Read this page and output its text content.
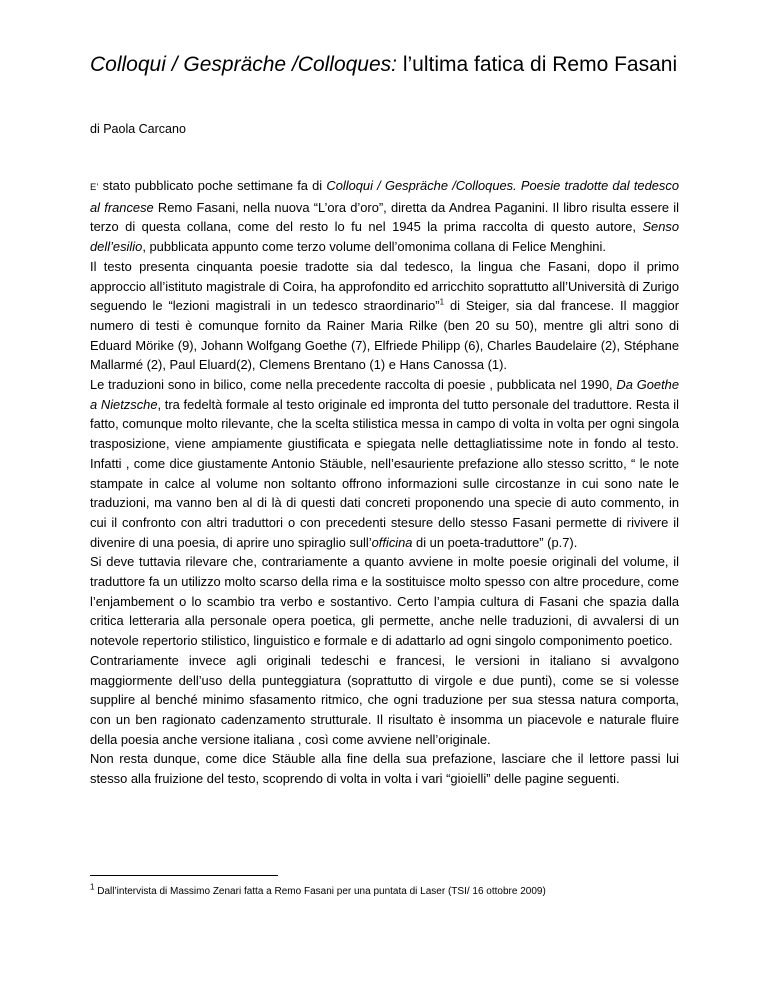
Colloqui / Gespräche /Colloques: l’ultima fatica di Remo Fasani
di Paola Carcano

E’ stato pubblicato poche settimane fa di Colloqui / Gespräche /Colloques. Poesie tradotte dal tedesco al francese Remo Fasani, nella nuova “L’ora d’oro”, diretta da Andrea Paganini. Il libro risulta essere il terzo di questa collana, come del resto lo fu nel 1945 la prima raccolta di questo autore, Senso dell’esilio, pubblicata appunto come terzo volume dell’omonima collana di Felice Menghini.

Il testo presenta cinquanta poesie tradotte sia dal tedesco, la lingua che Fasani, dopo il primo approccio all’istituto magistrale di Coira, ha approfondito ed arricchito soprattutto all’Università di Zurigo seguendo le “lezioni magistrali in un tedesco straordinario”$^1$ di Steiger, sia dal francese. Il maggior numero di testi è comunque fornito da Rainer Maria Rilke (ben 20 su 50), mentre gli altri sono di Eduard Mörike (9), Johann Wolfgang Goethe (7), Elfriede Philipp (6), Charles Baudelaire (2), Stéphane Mallarmé (2), Paul Eluard(2), Clemens Brentano (1) e Hans Canossa (1).

Le traduzioni sono in bilico, come nella precedente raccolta di poesie , pubblicata nel 1990, Da Goethe a Nietzsche, tra fedeltà formale al testo originale ed impronta del tutto personale del traduttore. Resta il fatto, comunque molto rilevante, che la scelta stilistica messa in campo di volta in volta per ogni singola trasposizione, viene ampiamente giustificata e spiegata nelle dettagliatissime note in fondo al testo. Infatti , come dice giustamente Antonio Stäuble, nell’esauriente prefazione allo stesso scritto, “ le note stampate in calce al volume non soltanto offrono informazioni sulle circostanze in cui sono nate le traduzioni, ma vanno ben al di là di questi dati concreti proponendo una specie di auto commento, in cui il confronto con altri traduttori o con precedenti stesure dello stesso Fasani permette di rivivere il divenire di una poesia, di aprire uno spiraglio sull’officina di un poeta-traduttore” (p.7).

Si deve tuttavia rilevare che, contrariamente a quanto avviene in molte poesie originali del volume, il traduttore fa un utilizzo molto scarso della rima e la sostituisce molto spesso con altre procedure, come l’enjambement o lo scambio tra verbo e sostantivo. Certo l’ampia cultura di Fasani che spazia dalla critica letteraria alla personale opera poetica, gli permette, anche nelle traduzioni, di avvalersi di un notevole repertorio stilistico, linguistico e formale e di adattarlo ad ogni singolo componimento poetico.

Contrariamente invece agli originali tedeschi e francesi, le versioni in italiano si avvalgono maggiormente dell’uso della punteggiatura (soprattutto di virgole e due punti), come se si volesse supplire al benché minimo sfasamento ritmico, che ogni traduzione per sua stessa natura comporta, con un ben ragionato cadenzamento strutturale. Il risultato è insomma un piacevole e naturale fluire della poesia anche versione italiana , così come avviene nell’originale.

Non resta dunque, come dice Stäuble alla fine della sua prefazione, lasciare che il lettore passi lui stesso alla fruizione del testo, scoprendo di volta in volta i vari “gioielli” delle pagine seguenti.

$^1$ Dall’intervista di Massimo Zenari fatta a Remo Fasani per una puntata di Laser (TSI/ 16 ottobre 2009)
